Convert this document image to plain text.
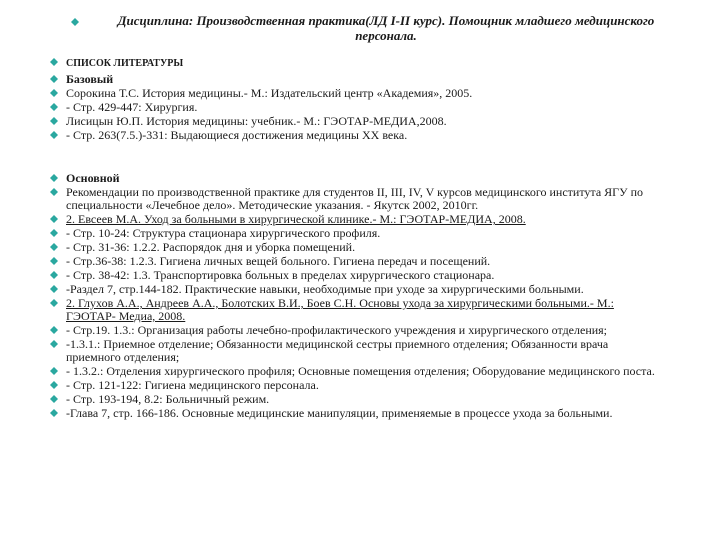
Дисциплина: Производственная практика(ЛД I-II курс). Помощник младшего медицинского персонала.

СПИСОК ЛИТЕРАТУРЫ
Базовый
Сорокина Т.С. История медицины.- М.: Издательский центр «Академия», 2005.
- Стр. 429-447: Хирургия.
Лисицын Ю.П. История медицины: учебник.- М.: ГЭОТАР-МЕДИА,2008.
- Стр. 263(7.5.)-331: Выдающиеся достижения медицины ХХ века.
Основной
Рекомендации по производственной практике для студентов II, III, IV, V курсов медицинского института ЯГУ по специальности «Лечебное дело». Методические указания. - Якутск 2002, 2010гг.
2. Евсеев М.А. Уход за больными в хирургической клинике.- М.: ГЭОТАР-МЕДИА, 2008.
- Стр. 10-24: Структура стационара хирургического профиля.
- Стр. 31-36: 1.2.2. Распорядок дня и уборка помещений.
- Стр.36-38: 1.2.3. Гигиена личных вещей больного. Гигиена передач и посещений.
- Стр. 38-42: 1.3. Транспортировка больных в пределах хирургического стационара.
-Раздел 7, стр.144-182. Практические навыки, необходимые при уходе за хирургическими больными.
2. Глухов А.А., Андреев А.А., Болотских В.И., Боев С.Н. Основы ухода за хирургическими больными.- М.: ГЭОТАР- Медиа, 2008.
- Стр.19. 1.3.: Организация работы лечебно-профилактического учреждения и хирургического отделения;
-1.3.1.: Приемное отделение; Обязанности медицинской сестры приемного отделения; Обязанности врача приемного отделения;
- 1.3.2.: Отделения хирургического профиля; Основные помещения отделения; Оборудование медицинского поста.
- Стр. 121-122: Гигиена медицинского персонала.
- Стр. 193-194, 8.2: Больничный режим.
-Глава 7, стр. 166-186. Основные медицинские манипуляции, применяемые в процессе ухода за больными.
